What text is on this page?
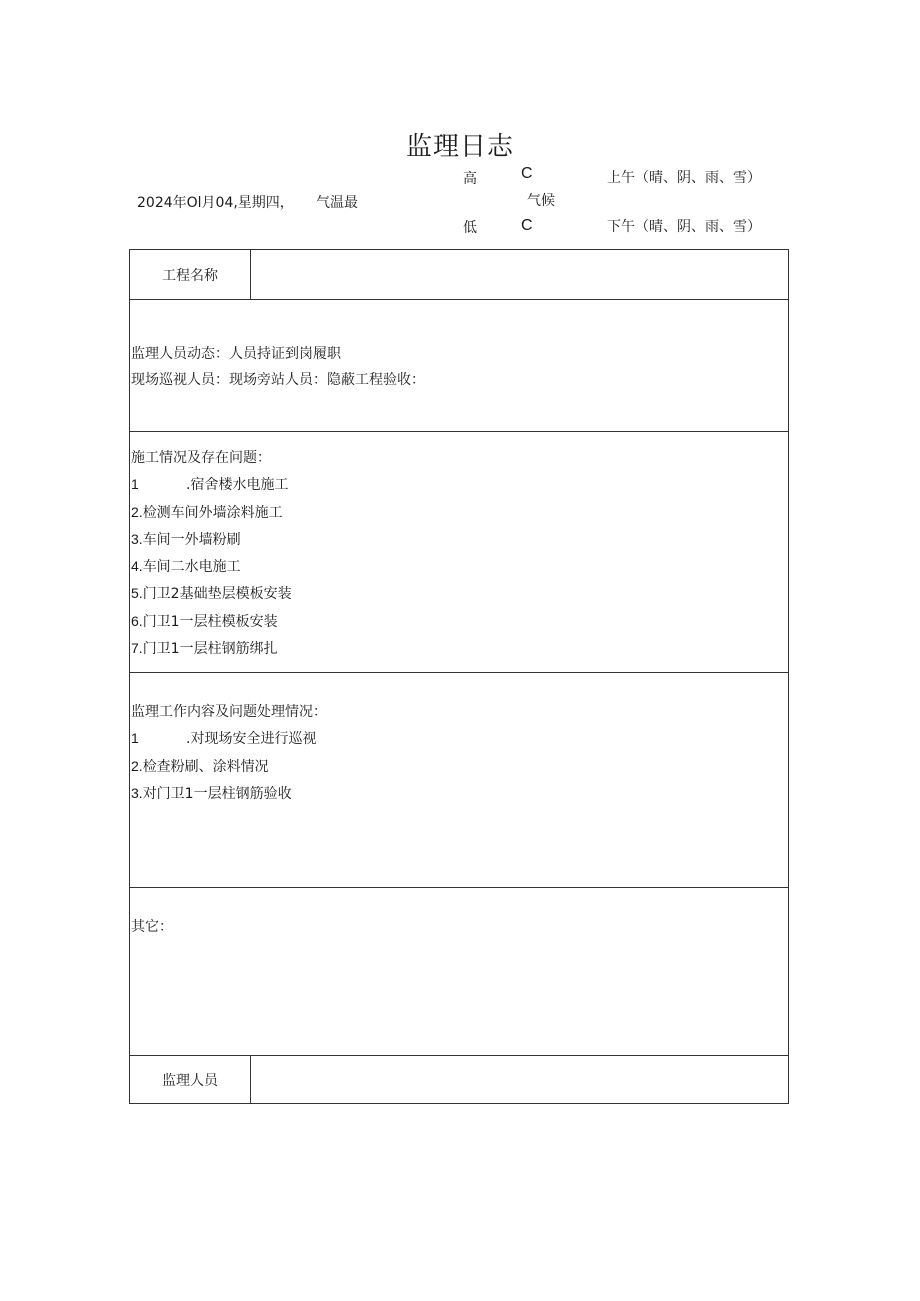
监理日志
2024年Ol月04,星期四， 气温最
高
低
C
C
气候
上午（晴、阴、雨、雪）
下午（晴、阴、雨、雪）
工程名称
监理人员动态：人员持证到岗履职
现场巡视人员：现场旁站人员：隐蔽工程验收：
施工情况及存在问题：
1	.宿舍楼水电施工
2.检测车间外墙涂料施工
3.车间一外墙粉刷
4.车间二水电施工
5.门卫2基础垫层模板安装
6.门卫1一层柱模板安装
7.门卫1一层柱钢筋绑扎
监理工作内容及问题处理情况：
1	.对现场安全进行巡视
2.检查粉刷、涂料情况
3.对门卫1一层柱钢筋验收
其它：
监理人员
